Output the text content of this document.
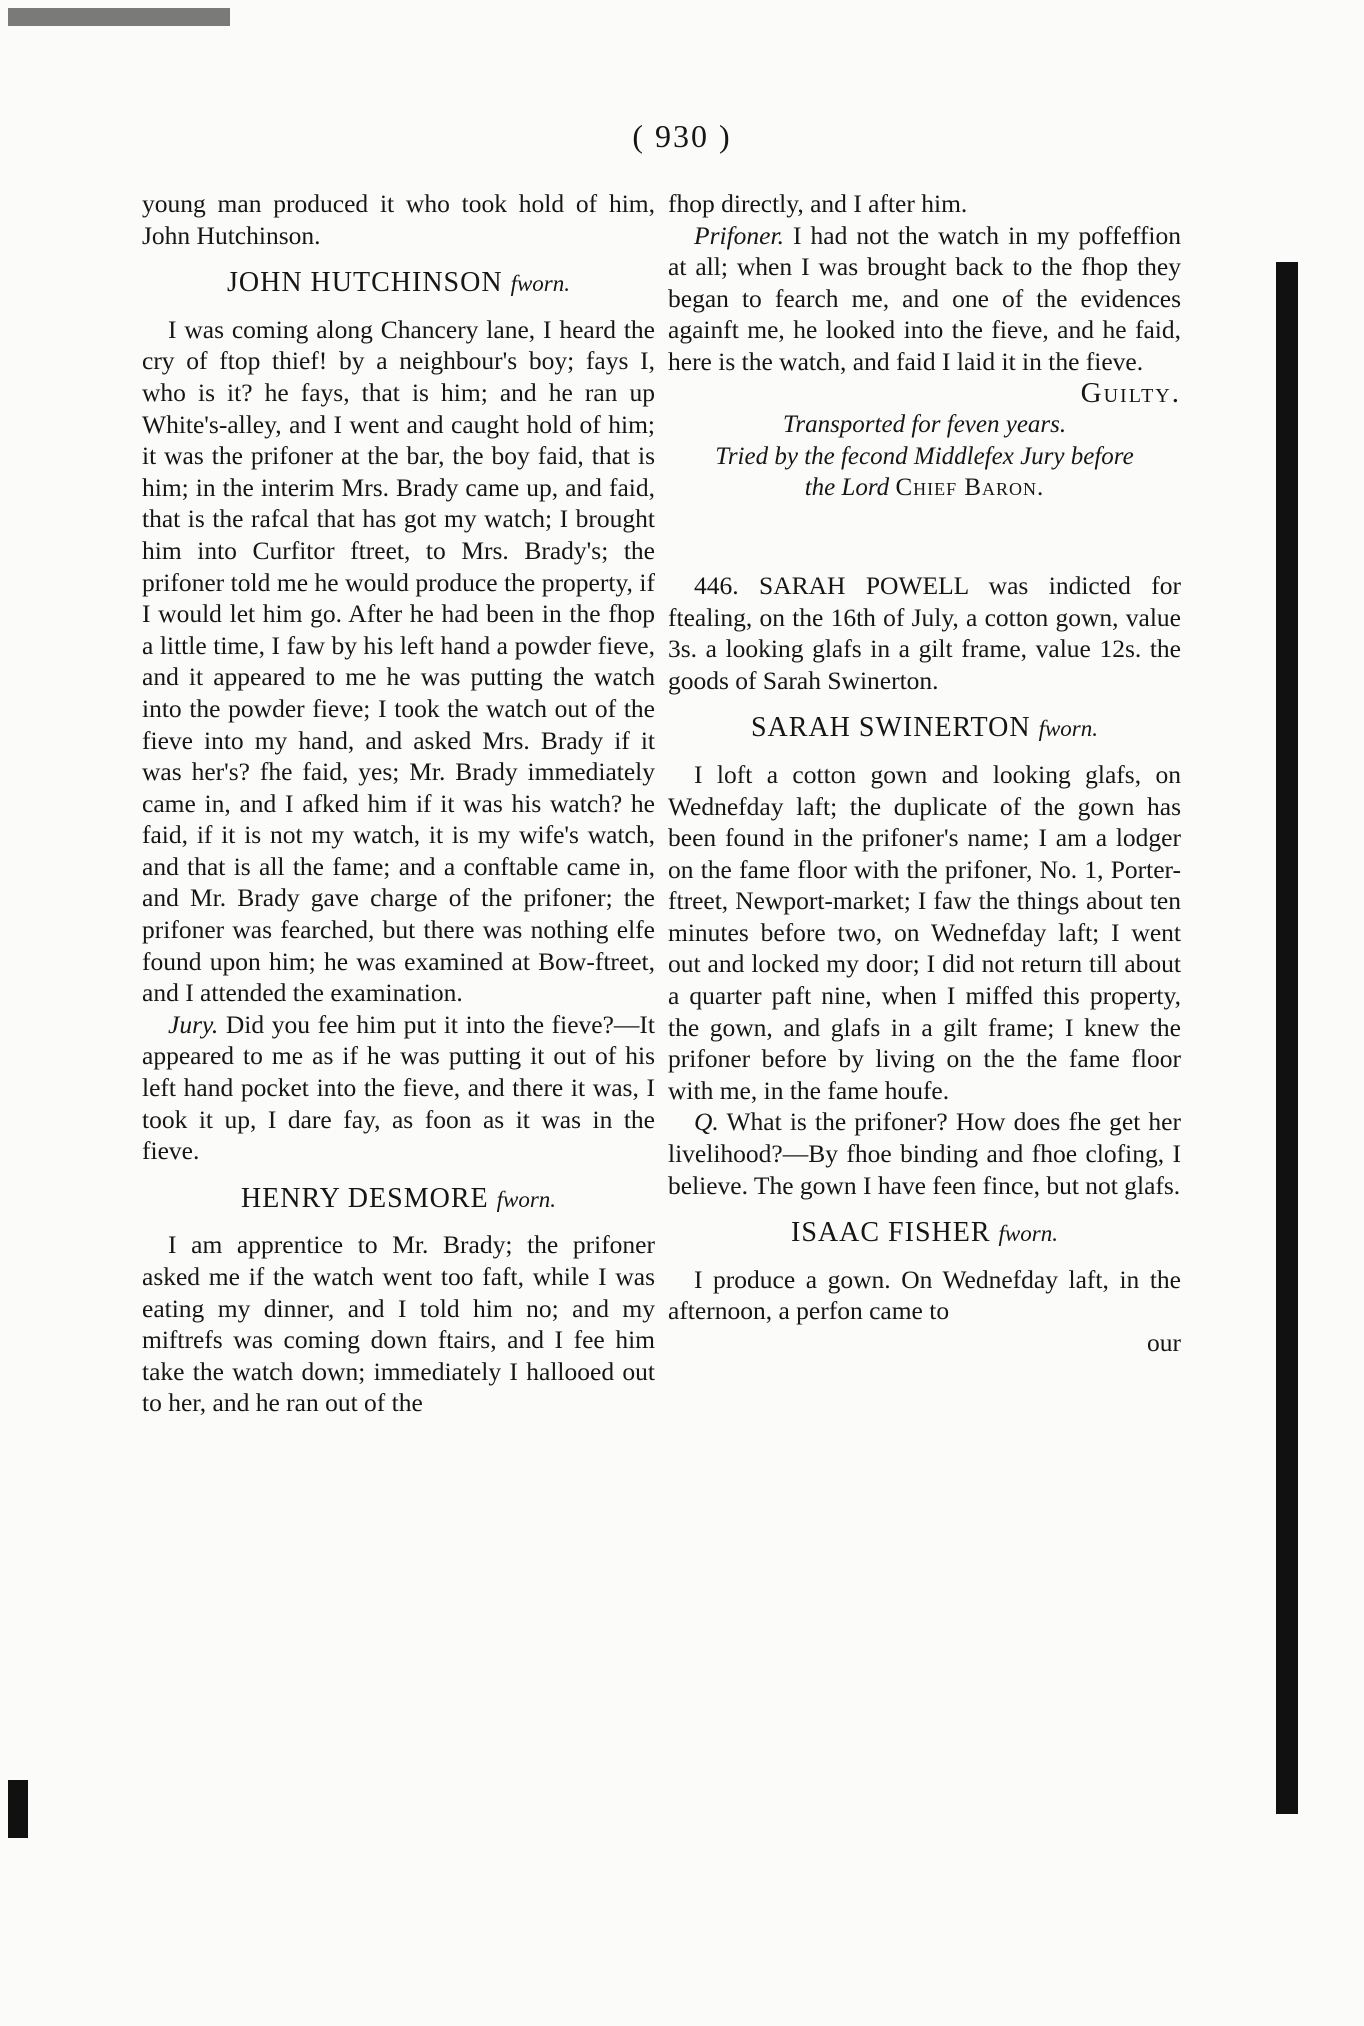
( 930 )

young man produced it who took hold of him, John Hutchinson.

JOHN HUTCHINSON fworn.

I was coming along Chancery lane, I heard the cry of ftop thief! by a neighbour's boy; fays I, who is it? he fays, that is him; and he ran up White's-alley, and I went and caught hold of him; it was the prifoner at the bar, the boy faid, that is him; in the interim Mrs. Brady came up, and faid, that is the rafcal that has got my watch; I brought him into Curfitor ftreet, to Mrs. Brady's; the prifoner told me he would produce the property, if I would let him go. After he had been in the fhop a little time, I faw by his left hand a powder fieve, and it appeared to me he was putting the watch into the powder fieve; I took the watch out of the fieve into my hand, and asked Mrs. Brady if it was her's? fhe faid, yes; Mr. Brady immediately came in, and I afked him if it was his watch? he faid, if it is not my watch, it is my wife's watch, and that is all the fame; and a conftable came in, and Mr. Brady gave charge of the prifoner; the prifoner was fearched, but there was nothing elfe found upon him; he was examined at Bow-ftreet, and I attended the examination.

Jury. Did you fee him put it into the fieve?—It appeared to me as if he was putting it out of his left hand pocket into the fieve, and there it was, I took it up, I dare fay, as foon as it was in the fieve.

HENRY DESMORE fworn.

I am apprentice to Mr. Brady; the prifoner asked me if the watch went too faft, while I was eating my dinner, and I told him no; and my miftrefs was coming down ftairs, and I fee him take the watch down; immediately I hallooed out to her, and he ran out of the

fhop directly, and I after him.

Prifoner. I had not the watch in my poffeffion at all; when I was brought back to the fhop they began to fearch me, and one of the evidences againft me, he looked into the fieve, and he faid, here is the watch, and faid I laid it in the fieve.

Guilty.

Transported for feven years.

Tried by the fecond Middlefex Jury before

the Lord Chief Baron.

446. SARAH POWELL was indicted for ftealing, on the 16th of July, a cotton gown, value 3s. a looking glafs in a gilt frame, value 12s. the goods of Sarah Swinerton.

SARAH SWINERTON fworn.

I loft a cotton gown and looking glafs, on Wednefday laft; the duplicate of the gown has been found in the prifoner's name; I am a lodger on the fame floor with the prifoner, No. 1, Porter-ftreet, Newport-market; I faw the things about ten minutes before two, on Wednefday laft; I went out and locked my door; I did not return till about a quarter paft nine, when I miffed this property, the gown, and glafs in a gilt frame; I knew the prifoner before by living on the the fame floor with me, in the fame houfe.

Q. What is the prifoner? How does fhe get her livelihood?—By fhoe binding and fhoe clofing, I believe. The gown I have feen fince, but not glafs.

ISAAC FISHER fworn.

I produce a gown. On Wednefday laft, in the afternoon, a perfon came to

our
